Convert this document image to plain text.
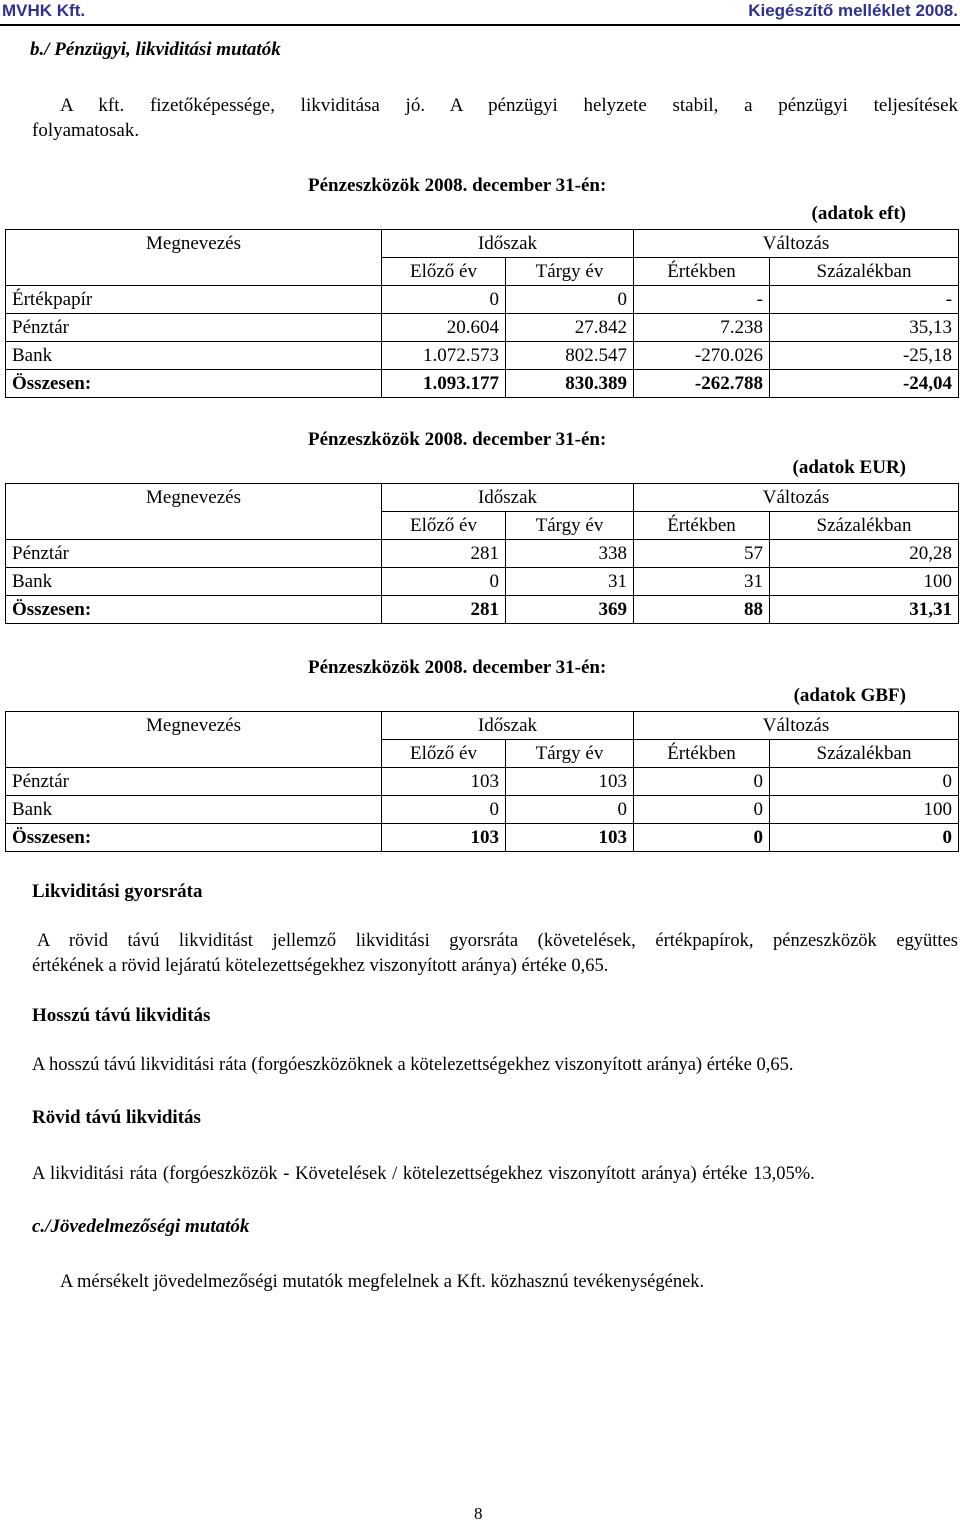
MVHK Kft.	Kiegészítő melléklet 2008.
b./ Pénzügyi, likviditási mutatók
A kft. fizetőképessége, likviditása jó. A pénzügyi helyzete stabil, a pénzügyi teljesítések
folyamatosak.
Pénzeszközök 2008. december 31-én:
(adatok eft)
Megnevezés	Időszak		Változás	
	Előző év	Tárgy év	Értékben	Százalékban
Értékpapír	0	0	-	-
Pénztár	20.604	27.842	7.238	35,13
Bank	1.072.573	802.547	-270.026	-25,18
Összesen:	1.093.177	830.389	-262.788	-24,04
Pénzeszközök 2008. december 31-én:
(adatok EUR)
Megnevezés	Időszak		Változás	
	Előző év	Tárgy év	Értékben	Százalékban
Pénztár	281	338	57	20,28
Bank	0	31	31	100
Összesen:	281	369	88	31,31
Pénzeszközök 2008. december 31-én:
(adatok GBF)
Megnevezés	Időszak		Változás	
	Előző év	Tárgy év	Értékben	Százalékban
Pénztár	103	103	0	0
Bank	0	0	0	100
Összesen:	103	103	0	0
Likviditási gyorsráta
A rövid távú likviditást jellemző likviditási gyorsráta (követelések, értékpapírok, pénzeszközök együttes
értékének a rövid lejáratú kötelezettségekhez viszonyított aránya) értéke 0,65.
Hosszú távú likviditás
A hosszú távú likviditási ráta (forgóeszközöknek a kötelezettségekhez viszonyított aránya) értéke 0,65.
Rövid távú likviditás
A likviditási ráta (forgóeszközök - Követelések / kötelezettségekhez viszonyított aránya) értéke 13,05%.
c./Jövedelmezőségi mutatók
A mérsékelt jövedelmezőségi mutatók megfelelnek a Kft. közhasznú tevékenységének.
8
